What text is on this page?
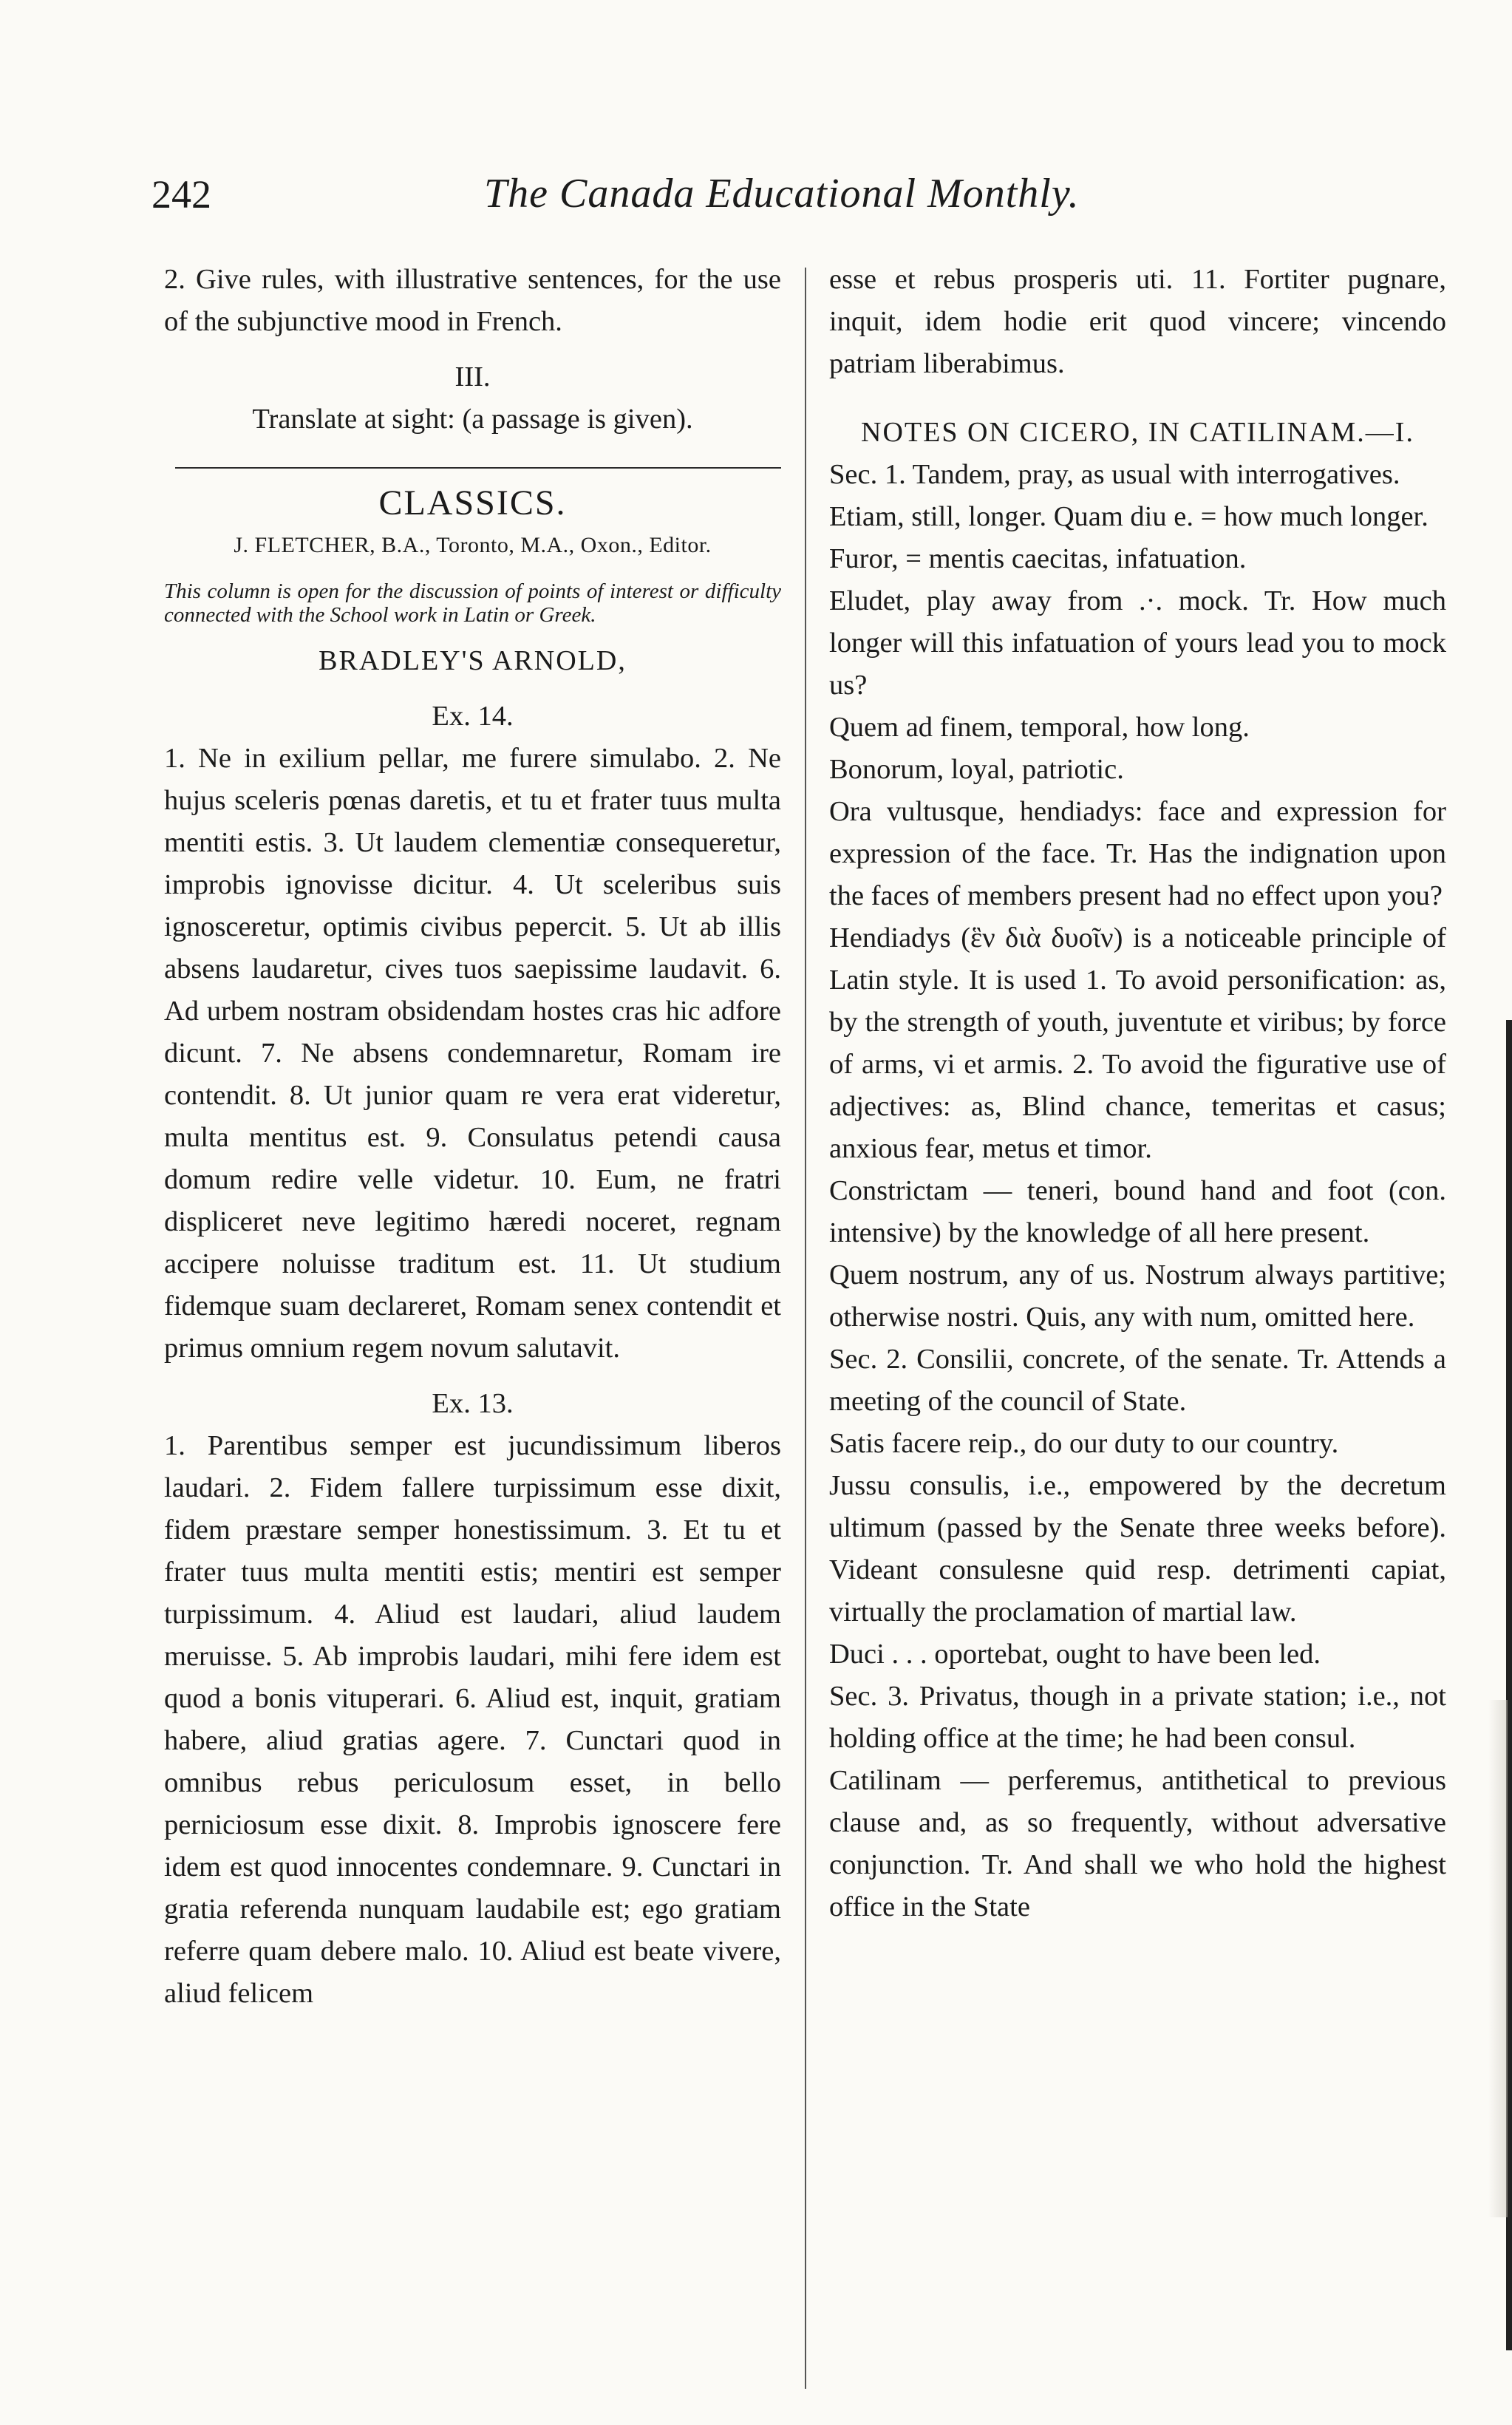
242	The Canada Educational Monthly.

2. Give rules, with illustrative sentences, for the use of the subjunctive mood in French.

III.

Translate at sight: (a passage is given).

CLASSICS.

J. FLETCHER, B.A., Toronto, M.A., Oxon., Editor.

This column is open for the discussion of points of interest or difficulty connected with the School work in Latin or Greek.

BRADLEY'S ARNOLD,

Ex. 14.

1. Ne in exilium pellar, me furere simulabo. 2. Ne hujus sceleris pœnas daretis, et tu et frater tuus multa mentiti estis. 3. Ut laudem clementiæ consequeretur, improbis ignovisse dicitur. 4. Ut sceleribus suis ignosceretur, optimis civibus pepercit. 5. Ut ab illis absens laudaretur, cives tuos saepissime laudavit. 6. Ad urbem nostram obsidendam hostes cras hic adfore dicunt. 7. Ne absens condemnaretur, Romam ire contendit. 8. Ut junior quam re vera erat videretur, multa mentitus est. 9. Consulatus petendi causa domum redire velle videtur. 10. Eum, ne fratri displiceret neve legitimo hæredi noceret, regnam accipere noluisse traditum est. 11. Ut studium fidemque suam declareret, Romam senex contendit et primus omnium regem novum salutavit.

Ex. 13.

1. Parentibus semper est jucundissimum liberos laudari. 2. Fidem fallere turpissimum esse dixit, fidem præstare semper honestissimum. 3. Et tu et frater tuus multa mentiti estis; mentiri est semper turpissimum. 4. Aliud est laudari, aliud laudem meruisse. 5. Ab improbis laudari, mihi fere idem est quod a bonis vituperari. 6. Aliud est, inquit, gratiam habere, aliud gratias agere. 7. Cunctari quod in omnibus rebus periculosum esset, in bello perniciosum esse dixit. 8. Improbis ignoscere fere idem est quod innocentes condemnare. 9. Cunctari in gratia referenda nunquam laudabile est; ego gratiam referre quam debere malo. 10. Aliud est beate vivere, aliud felicem

esse et rebus prosperis uti. 11. Fortiter pugnare, inquit, idem hodie erit quod vincere; vincendo patriam liberabimus.

NOTES ON CICERO, IN CATILINAM.—I.

Sec. 1. Tandem, pray, as usual with interrogatives.

Etiam, still, longer. Quam diu e. = how much longer.

Furor, = mentis caecitas, infatuation.

Eludet, play away from .·. mock. Tr. How much longer will this infatuation of yours lead you to mock us?

Quem ad finem, temporal, how long.

Bonorum, loyal, patriotic.

Ora vultusque, hendiadys: face and expression for expression of the face. Tr. Has the indignation upon the faces of members present had no effect upon you?

Hendiadys (ἓν διὰ δυοῖν) is a noticeable principle of Latin style. It is used 1. To avoid personification: as, by the strength of youth, juventute et viribus; by force of arms, vi et armis. 2. To avoid the figurative use of adjectives: as, Blind chance, temeritas et casus; anxious fear, metus et timor.

Constrictam — teneri, bound hand and foot (con. intensive) by the knowledge of all here present.

Quem nostrum, any of us. Nostrum always partitive; otherwise nostri. Quis, any with num, omitted here.

Sec. 2. Consilii, concrete, of the senate. Tr. Attends a meeting of the council of State.

Satis facere reip., do our duty to our country.

Jussu consulis, i.e., empowered by the decretum ultimum (passed by the Senate three weeks before). Videant consulesne quid resp. detrimenti capiat, virtually the proclamation of martial law.

Duci . . . oportebat, ought to have been led.

Sec. 3. Privatus, though in a private station; i.e., not holding office at the time; he had been consul.

Catilinam — perferemus, antithetical to previous clause and, as so frequently, without adversative conjunction. Tr. And shall we who hold the highest office in the State
